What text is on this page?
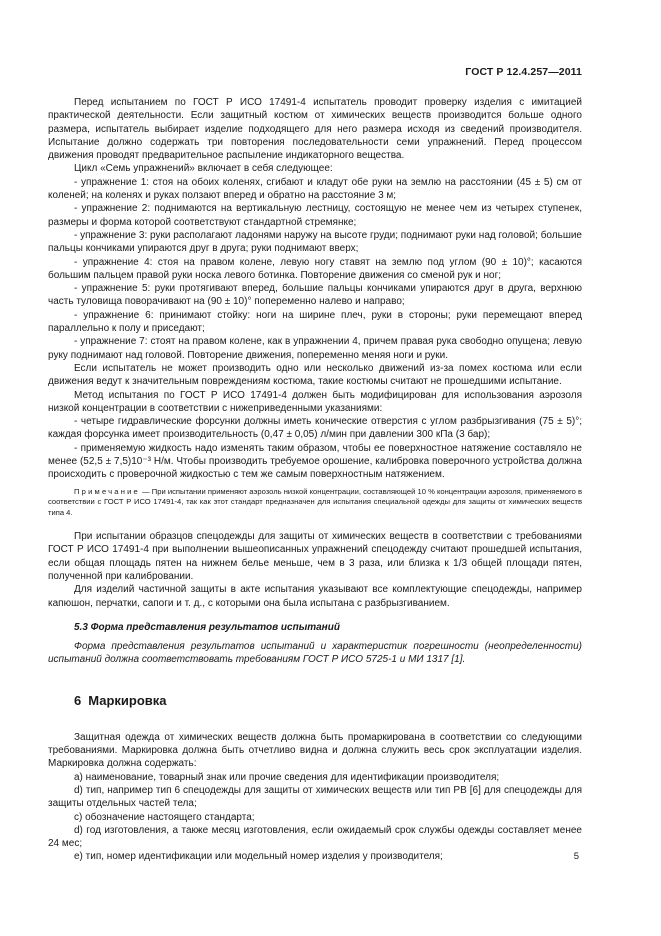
ГОСТ Р 12.4.257—2011

Перед испытанием по ГОСТ Р ИСО 17491-4 испытатель проводит проверку изделия с имитацией практической деятельности. Если защитный костюм от химических веществ производится больше одного размера, испытатель выбирает изделие подходящего для него размера исходя из сведений производителя. Испытание должно содержать три повторения последовательности семи упражнений. Перед процессом движения проводят предварительное распыление индикаторного вещества.

Цикл «Семь упражнений» включает в себя следующее:

- упражнение 1: стоя на обоих коленях, сгибают и кладут обе руки на землю на расстоянии (45 ± 5) см от коленей; на коленях и руках ползают вперед и обратно на расстояние 3 м;

- упражнение 2: поднимаются на вертикальную лестницу, состоящую не менее чем из четырех ступенек, размеры и форма которой соответствуют стандартной стремянке;

- упражнение 3: руки располагают ладонями наружу на высоте груди; поднимают руки над головой; большие пальцы кончиками упираются друг в друга; руки поднимают вверх;

- упражнение 4: стоя на правом колене, левую ногу ставят на землю под углом (90 ± 10)°; касаются большим пальцем правой руки носка левого ботинка. Повторение движения со сменой рук и ног;

- упражнение 5: руки протягивают вперед, большие пальцы кончиками упираются друг в друга, верхнюю часть туловища поворачивают на (90 ± 10)° попеременно налево и направо;

- упражнение 6: принимают стойку: ноги на ширине плеч, руки в стороны; руки перемещают вперед параллельно к полу и приседают;

- упражнение 7: стоят на правом колене, как в упражнении 4, причем правая рука свободно опущена; левую руку поднимают над головой. Повторение движения, попеременно меняя ноги и руки.

Если испытатель не может производить одно или несколько движений из-за помех костюма или если движения ведут к значительным повреждениям костюма, такие костюмы считают не прошедшими испытание.

Метод испытания по ГОСТ Р ИСО 17491-4 должен быть модифицирован для использования аэрозоля низкой концентрации в соответствии с нижеприведенными указаниями:

- четыре гидравлические форсунки должны иметь конические отверстия с углом разбрызгивания (75 ± 5)°; каждая форсунка имеет производительность (0,47 ± 0,05) л/мин при давлении 300 кПа (3 бар);

- применяемую жидкость надо изменять таким образом, чтобы ее поверхностное натяжение составляло не менее (52,5 ± 7,5)10⁻³ Н/м. Чтобы производить требуемое орошение, калибровка поверочного устройства должна происходить с проверочной жидкостью с тем же самым поверхностным натяжением.

Примечание — При испытании применяют аэрозоль низкой концентрации, составляющей 10 % концентрации аэрозоля, применяемого в соответствии с ГОСТ Р ИСО 17491-4, так как этот стандарт предназначен для испытания специальной одежды для защиты от химических веществ типа 4.

При испытании образцов спецодежды для защиты от химических веществ в соответствии с требованиями ГОСТ Р ИСО 17491-4 при выполнении вышеописанных упражнений спецодежду считают прошедшей испытания, если общая площадь пятен на нижнем белье меньше, чем в 3 раза, или близка к 1/3 общей площади пятен, полученной при калибровании.

Для изделий частичной защиты в акте испытания указывают все комплектующие спецодежды, например капюшон, перчатки, сапоги и т. д., с которыми она была испытана с разбрызгиванием.

5.3 Форма представления результатов испытаний

Форма представления результатов испытаний и характеристик погрешности (неопределенности) испытаний должна соответствовать требованиям ГОСТ Р ИСО 5725-1 и МИ 1317 [1].

6 Маркировка

Защитная одежда от химических веществ должна быть промаркирована в соответствии со следующими требованиями. Маркировка должна быть отчетливо видна и должна служить весь срок эксплуатации изделия. Маркировка должна содержать:

а) наименование, товарный знак или прочие сведения для идентификации производителя;

d) тип, например тип 6 спецодежды для защиты от химических веществ или тип PB [6] для спецодежды для защиты отдельных частей тела;

с) обозначение настоящего стандарта;

d) год изготовления, а также месяц изготовления, если ожидаемый срок службы одежды составляет менее 24 мес;

е) тип, номер идентификации или модельный номер изделия у производителя;	5
